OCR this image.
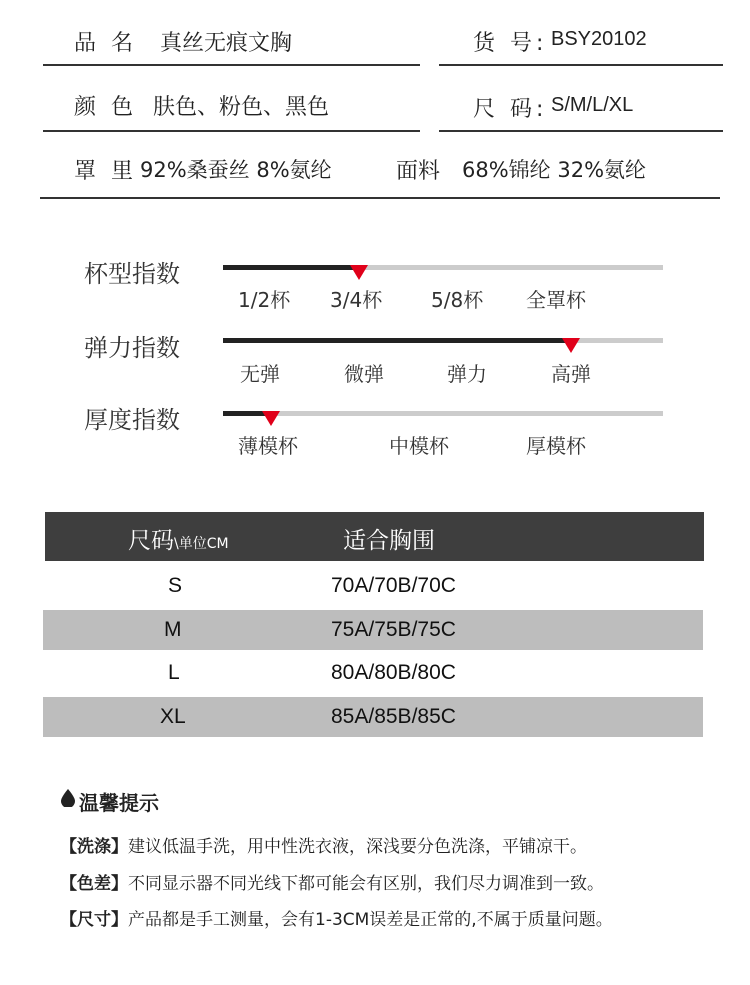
品 名 真丝无痕文胸	货 号: BSY20102
颜 色 肤色、粉色、黑色	尺 码: S/M/L/XL
罩 里 92%桑蚕丝 8%氨纶	面料 68%锦纶 32%氨纶
杯型指数
1/2杯 3/4杯 5/8杯 全罩杯
弹力指数
无弹	微弹	弹力	高弹
厚度指数
薄模杯	中模杯	厚模杯
尺码\单位CM	适合胸围
S	70A/70B/70C
M	75A/75B/75C
L	80A/80B/80C
XL	85A/85B/85C
温馨提示
【洗涤】建议低温手洗，用中性洗衣液，深浅要分色洗涤，平铺凉干。
【色差】不同显示器不同光线下都可能会有区别，我们尽力调准到一致。
【尺寸】产品都是手工测量，会有1-3CM误差是正常的,不属于质量问题。
